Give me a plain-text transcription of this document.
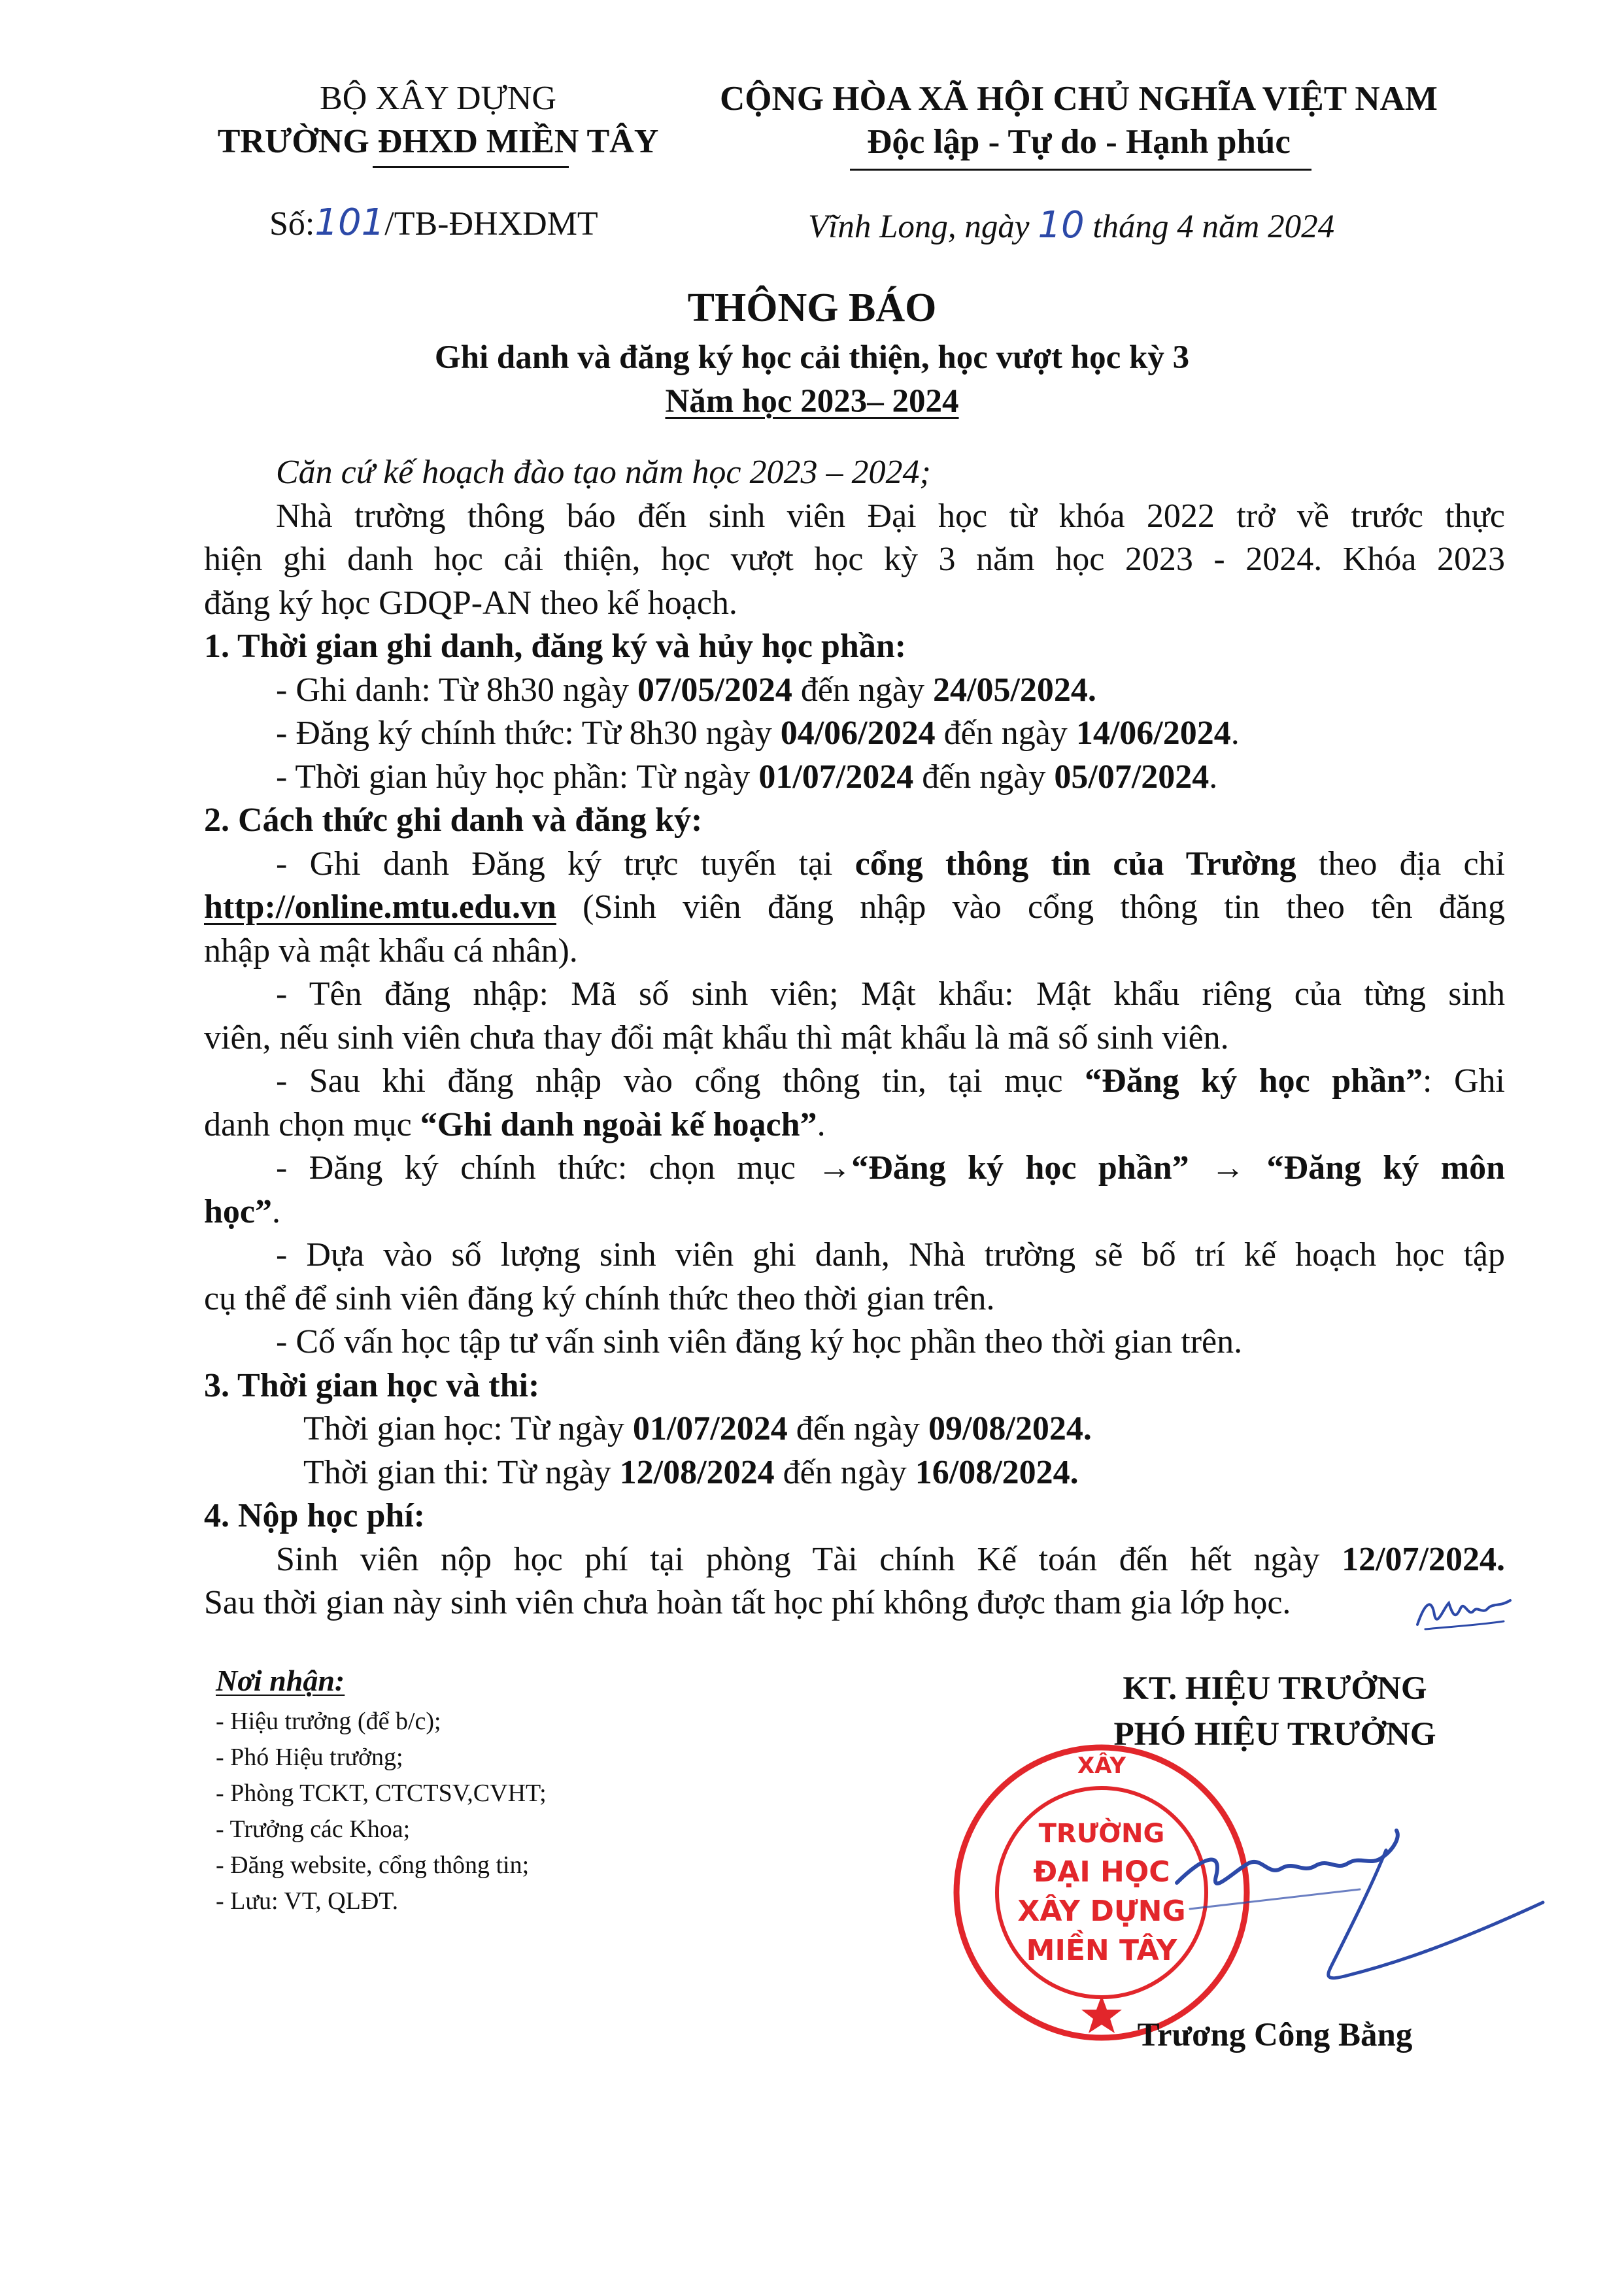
BỘ XÂY DỰNG
TRƯỜNG ĐHXD MIỀN TÂY
CỘNG HÒA XÃ HỘI CHỦ NGHĨA VIỆT NAM
Độc lập - Tự do - Hạnh phúc
Số:101/TB-ĐHXDMT	Vĩnh Long, ngày 10 tháng 4 năm 2024
THÔNG BÁO
Ghi danh và đăng ký học cải thiện, học vượt học kỳ 3
Năm học 2023– 2024

Căn cứ kế hoạch đào tạo năm học 2023 – 2024;

Nhà trường thông báo đến sinh viên Đại học từ khóa 2022 trở về trước thực

hiện ghi danh học cải thiện, học vượt học kỳ 3 năm học 2023 - 2024. Khóa 2023

đăng ký học GDQP-AN theo kế hoạch.

1. Thời gian ghi danh, đăng ký và hủy học phần:

- Ghi danh: Từ 8h30 ngày 07/05/2024 đến ngày 24/05/2024.

- Đăng ký chính thức: Từ 8h30 ngày 04/06/2024 đến ngày 14/06/2024.

- Thời gian hủy học phần: Từ ngày 01/07/2024 đến ngày 05/07/2024.

2. Cách thức ghi danh và đăng ký:

- Ghi danh Đăng ký trực tuyến tại cổng thông tin của Trường theo địa chỉ

http://online.mtu.edu.vn (Sinh viên đăng nhập vào cổng thông tin theo tên đăng

nhập và mật khẩu cá nhân).

- Tên đăng nhập: Mã số sinh viên; Mật khẩu: Mật khẩu riêng của từng sinh

viên, nếu sinh viên chưa thay đổi mật khẩu thì mật khẩu là mã số sinh viên.

- Sau khi đăng nhập vào cổng thông tin, tại mục “Đăng ký học phần”: Ghi

danh chọn mục “Ghi danh ngoài kế hoạch”.

- Đăng ký chính thức: chọn mục →“Đăng ký học phần” → “Đăng ký môn

học”.

- Dựa vào số lượng sinh viên ghi danh, Nhà trường sẽ bố trí kế hoạch học tập

cụ thể để sinh viên đăng ký chính thức theo thời gian trên.

- Cố vấn học tập tư vấn sinh viên đăng ký học phần theo thời gian trên.

3. Thời gian học và thi:

Thời gian học: Từ ngày 01/07/2024 đến ngày 09/08/2024.

Thời gian thi: Từ ngày 12/08/2024 đến ngày 16/08/2024.

4. Nộp học phí:

Sinh viên nộp học phí tại phòng Tài chính Kế toán đến hết ngày 12/07/2024.

Sau thời gian này sinh viên chưa hoàn tất học phí không được tham gia lớp học.

Nơi nhận:
- Hiệu trưởng (để b/c);
- Phó Hiệu trưởng;
- Phòng TCKT, CTCTSV,CVHT;
- Trưởng các Khoa;
- Đăng website, cổng thông tin;
- Lưu: VT, QLĐT.
KT. HIỆU TRƯỞNG
PHÓ HIỆU TRƯỞNG
XÂY
TRƯỜNG
ĐẠI HỌC
XÂY DỰNG
MIỀN TÂY
Trương Công Bằng
